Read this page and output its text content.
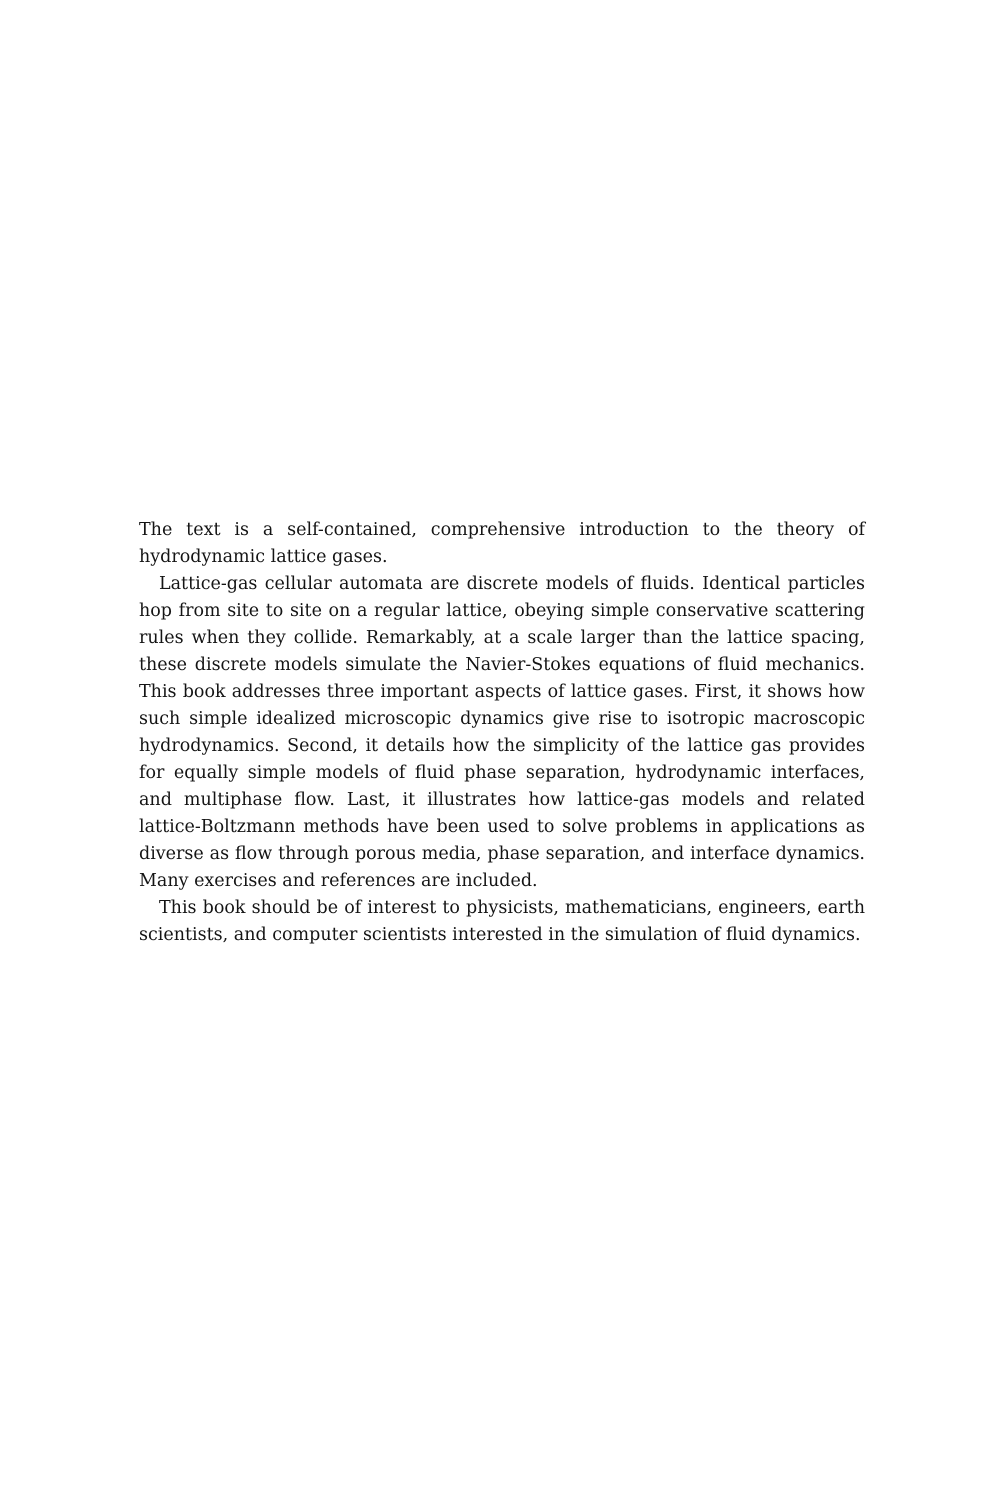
The text is a self-contained, comprehensive introduction to the theory of hydrodynamic lattice gases.

Lattice-gas cellular automata are discrete models of fluids. Identical particles hop from site to site on a regular lattice, obeying simple conservative scattering rules when they collide. Remarkably, at a scale larger than the lattice spacing, these discrete models simulate the Navier-Stokes equations of fluid mechanics. This book addresses three important aspects of lattice gases. First, it shows how such simple idealized microscopic dynamics give rise to isotropic macroscopic hydrodynamics. Second, it details how the simplicity of the lattice gas provides for equally simple models of fluid phase separation, hydrodynamic interfaces, and multiphase flow. Last, it illustrates how lattice-gas models and related lattice-Boltzmann methods have been used to solve problems in applications as diverse as flow through porous media, phase separation, and interface dynamics. Many exercises and references are included.

This book should be of interest to physicists, mathematicians, engineers, earth scientists, and computer scientists interested in the simulation of fluid dynamics.
